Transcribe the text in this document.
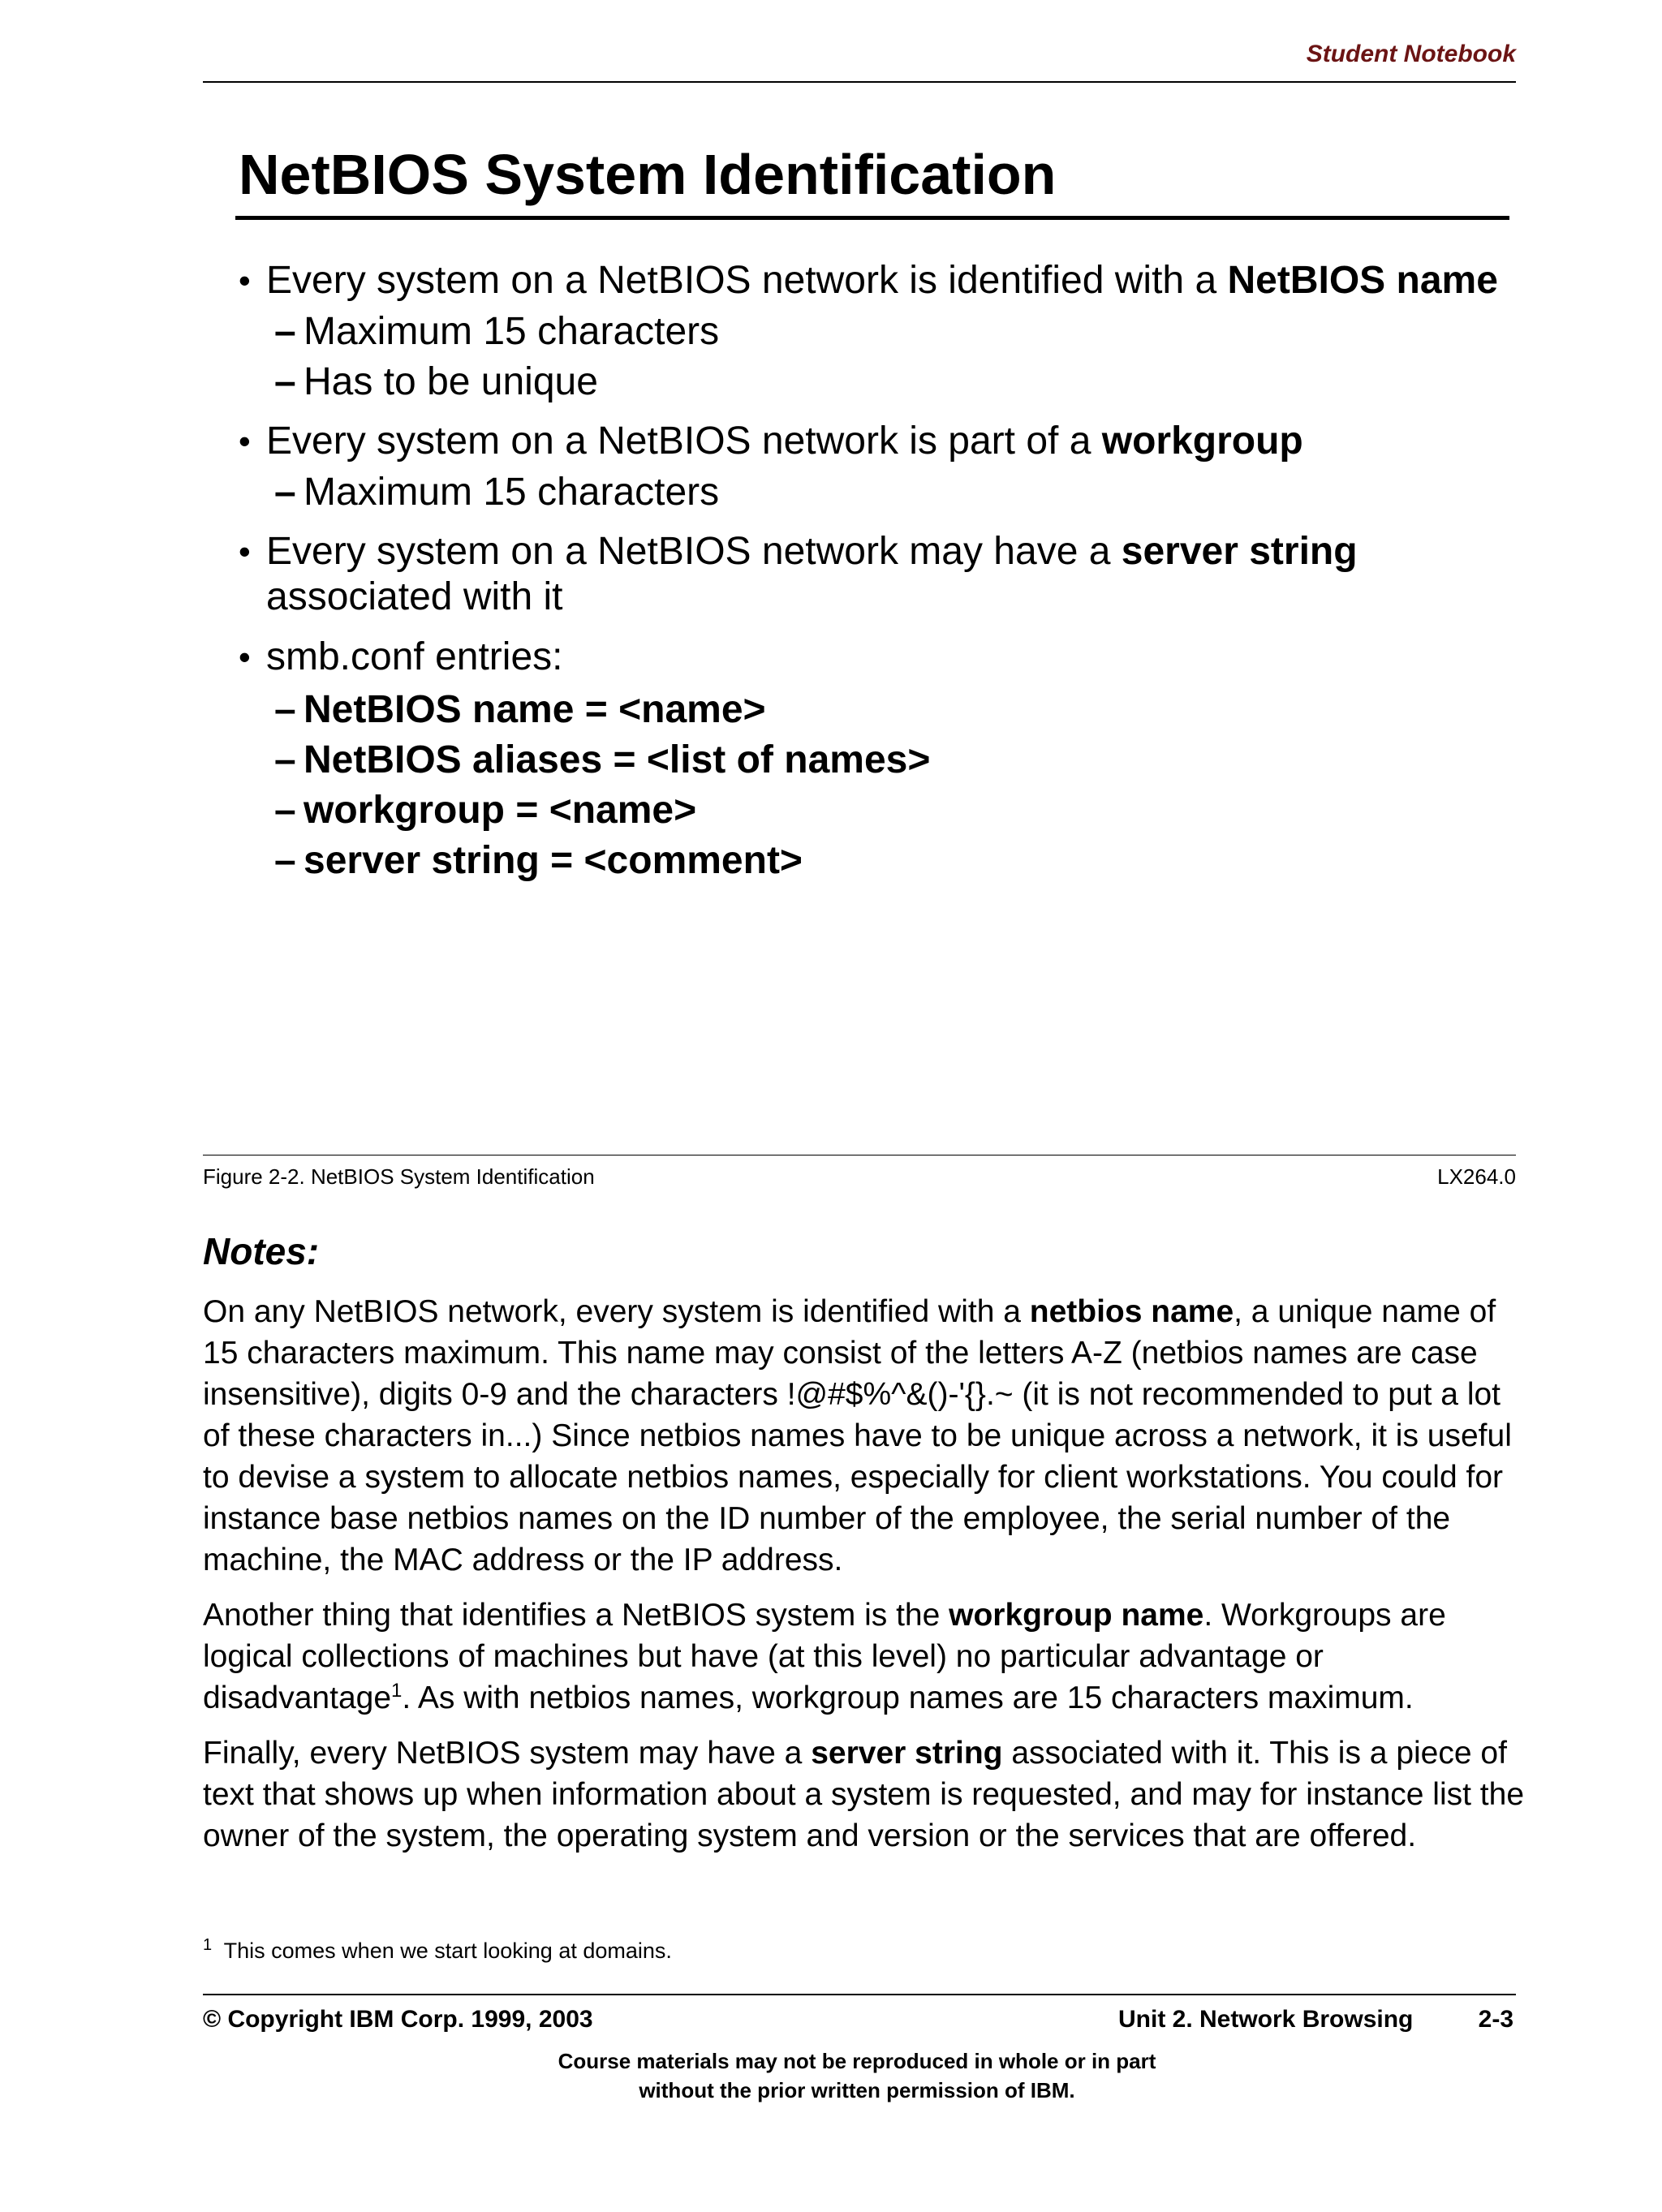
Student Notebook
NetBIOS System Identification
• Every system on a NetBIOS network is identified with a NetBIOS name
– Maximum 15 characters
– Has to be unique
• Every system on a NetBIOS network is part of a workgroup
– Maximum 15 characters
• Every system on a NetBIOS network may have a server string associated with it
• smb.conf entries:
– NetBIOS name = <name>
– NetBIOS aliases = <list of names>
– workgroup = <name>
– server string = <comment>
Figure 2-2. NetBIOS System Identification	LX264.0
Notes:
On any NetBIOS network, every system is identified with a netbios name, a unique name of 15 characters maximum. This name may consist of the letters A-Z (netbios names are case insensitive), digits 0-9 and the characters !@#$%^&()-'{}.~ (it is not recommended to put a lot of these characters in...) Since netbios names have to be unique across a network, it is useful to devise a system to allocate netbios names, especially for client workstations. You could for instance base netbios names on the ID number of the employee, the serial number of the machine, the MAC address or the IP address.
Another thing that identifies a NetBIOS system is the workgroup name. Workgroups are logical collections of machines but have (at this level) no particular advantage or disadvantage$^1$. As with netbios names, workgroup names are 15 characters maximum.
Finally, every NetBIOS system may have a server string associated with it. This is a piece of text that shows up when information about a system is requested, and may for instance list the owner of the system, the operating system and version or the services that are offered.
$^1$ This comes when we start looking at domains.
© Copyright IBM Corp. 1999, 2003	Unit 2. Network Browsing	2-3
Course materials may not be reproduced in whole or in part
without the prior written permission of IBM.
